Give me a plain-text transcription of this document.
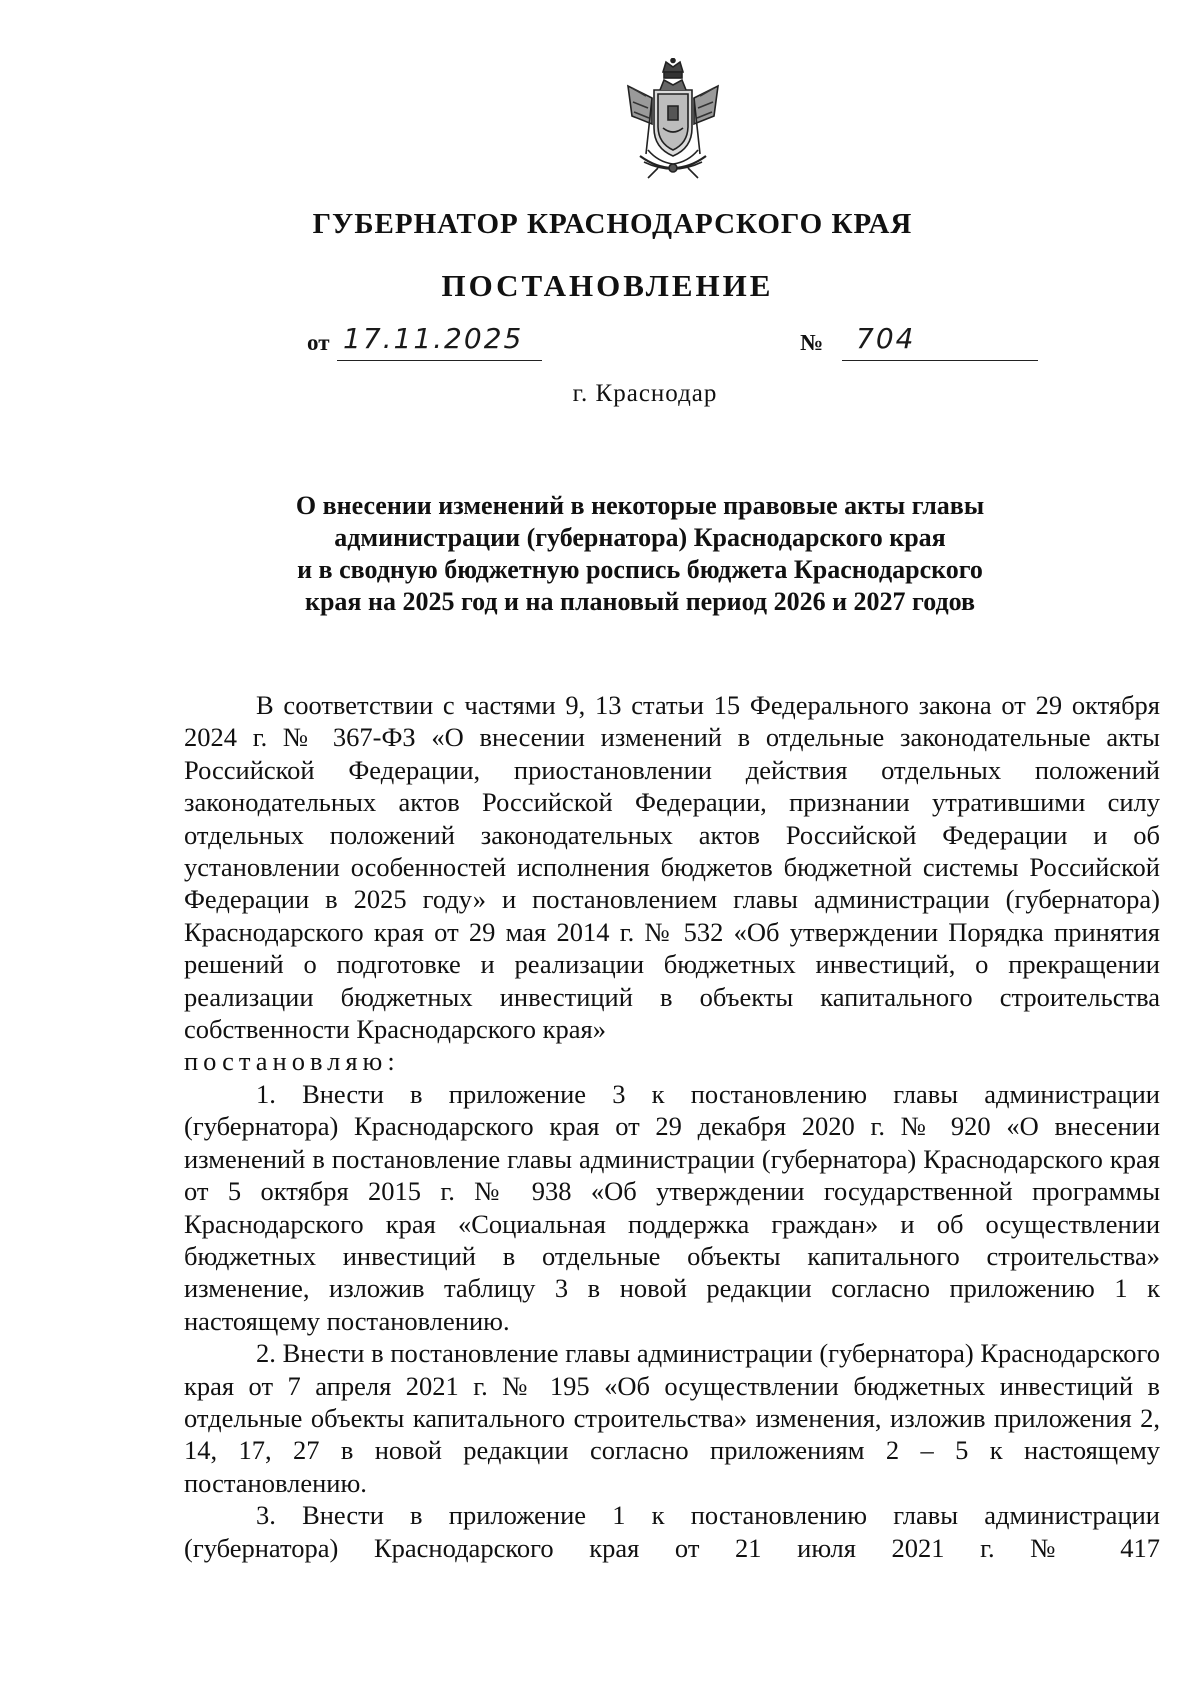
ГУБЕРНАТОР КРАСНОДАРСКОГО КРАЯ
ПОСТАНОВЛЕНИЕ
от 17.11.2025	№ 704
г. Краснодар
О внесении изменений в некоторые правовые акты главы
администрации (губернатора) Краснодарского края
и в сводную бюджетную роспись бюджета Краснодарского
края на 2025 год и на плановый период 2026 и 2027 годов

В соответствии с частями 9, 13 статьи 15 Федерального закона от 29 октября 2024 г. № 367-ФЗ «О внесении изменений в отдельные законодательные акты Российской Федерации, приостановлении действия отдельных положений законодательных актов Российской Федерации, признании утратившими силу отдельных положений законодательных актов Российской Федерации и об установлении особенностей исполнения бюджетов бюджетной системы Российской Федерации в 2025 году» и постановлением главы администрации (губернатора) Краснодарского края от 29 мая 2014 г. № 532 «Об утверждении Порядка принятия решений о подготовке и реализации бюджетных инвестиций, о прекращении реализации бюджетных инвестиций в объекты капитального строительства собственности Краснодарского края»

постановляю:

1. Внести в приложение 3 к постановлению главы администрации (губернатора) Краснодарского края от 29 декабря 2020 г. № 920 «О внесении изменений в постановление главы администрации (губернатора) Краснодарского края от 5 октября 2015 г. № 938 «Об утверждении государственной программы Краснодарского края «Социальная поддержка граждан» и об осуществлении бюджетных инвестиций в отдельные объекты капитального строительства» изменение, изложив таблицу 3 в новой редакции согласно приложению 1 к настоящему постановлению.

2. Внести в постановление главы администрации (губернатора) Краснодарского края от 7 апреля 2021 г. № 195 «Об осуществлении бюджетных инвестиций в отдельные объекты капитального строительства» изменения, изложив приложения 2, 14, 17, 27 в новой редакции согласно приложениям 2 – 5 к настоящему постановлению.

3. Внести в приложение 1 к постановлению главы администрации (губернатора) Краснодарского края от 21 июля 2021 г. № 417
